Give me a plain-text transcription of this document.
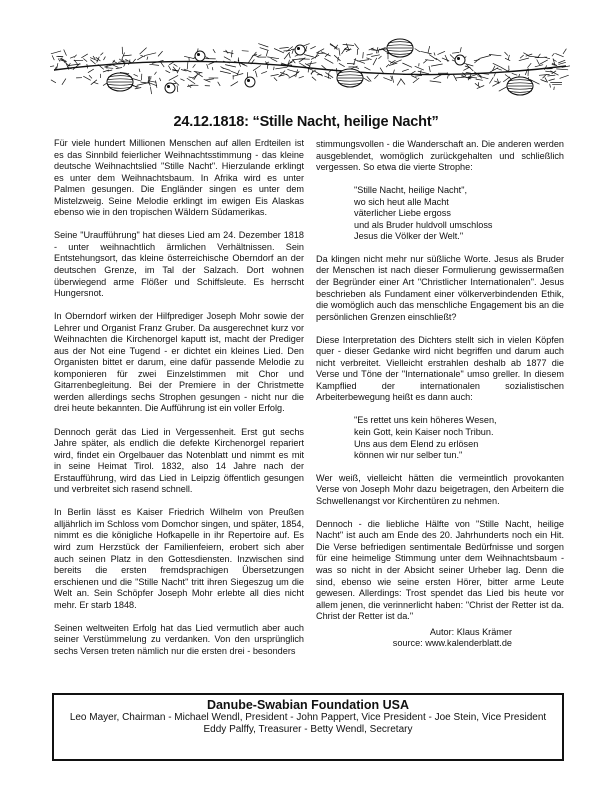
24.12.1818: “Stille Nacht, heilige Nacht”

Für viele hundert Millionen Menschen auf allen Erdteilen ist es das Sinnbild feierlicher Weihnachtsstimmung - das kleine deutsche Weihnachtslied "Stille Nacht". Hierzulande erklingt es unter dem Weihnachtsbaum. In Afrika wird es unter Palmen gesungen. Die Engländer singen es unter dem Mistelzweig. Seine Melodie erklingt im ewigen Eis Alaskas ebenso wie in den tropischen Wäldern Südamerikas.

Seine "Uraufführung" hat dieses Lied am 24. Dezember 1818 - unter weihnachtlich ärmlichen Verhältnissen. Sein Entstehungsort, das kleine österreichische Oberndorf an der deutschen Grenze, im Tal der Salzach. Dort wohnen überwiegend arme Flößer und Schiffsleute. Es herrscht Hungersnot.

In Oberndorf wirken der Hilfprediger Joseph Mohr sowie der Lehrer und Organist Franz Gruber. Da ausgerechnet kurz vor Weihnachten die Kirchenorgel kaputt ist, macht der Prediger aus der Not eine Tugend - er dichtet ein kleines Lied. Den Organisten bittet er darum, eine dafür passende Melodie zu komponieren für zwei Einzelstimmen mit Chor und Gitarrenbegleitung. Bei der Premiere in der Christmette werden allerdings sechs Strophen gesungen - nicht nur die drei heute bekannten. Die Aufführung ist ein voller Erfolg.

Dennoch gerät das Lied in Vergessenheit. Erst gut sechs Jahre später, als endlich die defekte Kirchenorgel repariert wird, findet ein Orgelbauer das Notenblatt und nimmt es mit in seine Heimat Tirol. 1832, also 14 Jahre nach der Erstaufführung, wird das Lied in Leipzig öffentlich gesungen und verbreitet sich rasend schnell.

In Berlin lässt es Kaiser Friedrich Wilhelm von Preußen alljährlich im Schloss vom Domchor singen, und später, 1854, nimmt es die königliche Hofkapelle in ihr Repertoire auf. Es wird zum Herzstück der Familienfeiern, erobert sich aber auch seinen Platz in den Gottesdiensten. Inzwischen sind bereits die ersten fremdsprachigen Übersetzungen erschienen und die "Stille Nacht" tritt ihren Siegeszug um die Welt an. Sein Schöpfer Joseph Mohr erlebte all dies nicht mehr. Er starb 1848.

Seinen weltweiten Erfolg hat das Lied vermutlich aber auch seiner Verstümmelung zu verdanken. Von den ursprünglich sechs Versen treten nämlich nur die ersten drei - besonders

stimmungsvollen - die Wanderschaft an. Die anderen werden ausgeblendet, womöglich zurückgehalten und schließlich vergessen. So etwa die vierte Strophe:

"Stille Nacht, heilige Nacht",
wo sich heut alle Macht
väterlicher Liebe ergoss
und als Bruder huldvoll umschloss
Jesus die Völker der Welt."

Da klingen nicht mehr nur süßliche Worte. Jesus als Bruder der Menschen ist nach dieser Formulierung gewissermaßen der Begründer einer Art "Christlicher Internationalen". Jesus beschrieben als Fundament einer völkerverbindenden Ethik, die womöglich auch das menschliche Engagement bis an die persönlichen Grenzen einschließt?

Diese Interpretation des Dichters stellt sich in vielen Köpfen quer - dieser Gedanke wird nicht begriffen und darum auch nicht verbreitet. Vielleicht erstrahlen deshalb ab 1877 die Verse und Töne der "Internationale" umso greller. In diesem Kampflied der internationalen sozialistischen Arbeiterbewegung heißt es dann auch:

"Es rettet uns kein höheres Wesen,
kein Gott, kein Kaiser noch Tribun.
Uns aus dem Elend zu erlösen
können wir nur selber tun."

Wer weiß, vielleicht hätten die vermeintlich provokanten Verse von Joseph Mohr dazu beigetragen, den Arbeitern die Schwellenangst vor Kirchentüren zu nehmen.

Dennoch - die liebliche Hälfte von "Stille Nacht, heilige Nacht" ist auch am Ende des 20. Jahrhunderts noch ein Hit. Die Verse befriedigen sentimentale Bedürfnisse und sorgen für eine heimelige Stimmung unter dem Weihnachtsbaum - was so nicht in der Absicht seiner Urheber lag. Denn die sind, ebenso wie seine ersten Hörer, bitter arme Leute gewesen. Allerdings: Trost spendet das Lied bis heute vor allem jenen, die verinnerlicht haben: "Christ der Retter ist da. Christ der Retter ist da."

Autor: Klaus Krämer
source: www.kalenderblatt.de
Danube-Swabian Foundation USA
Leo Mayer, Chairman - Michael Wendl, President - John Pappert, Vice President - Joe Stein, Vice President
Eddy Palffy, Treasurer - Betty Wendl, Secretary
